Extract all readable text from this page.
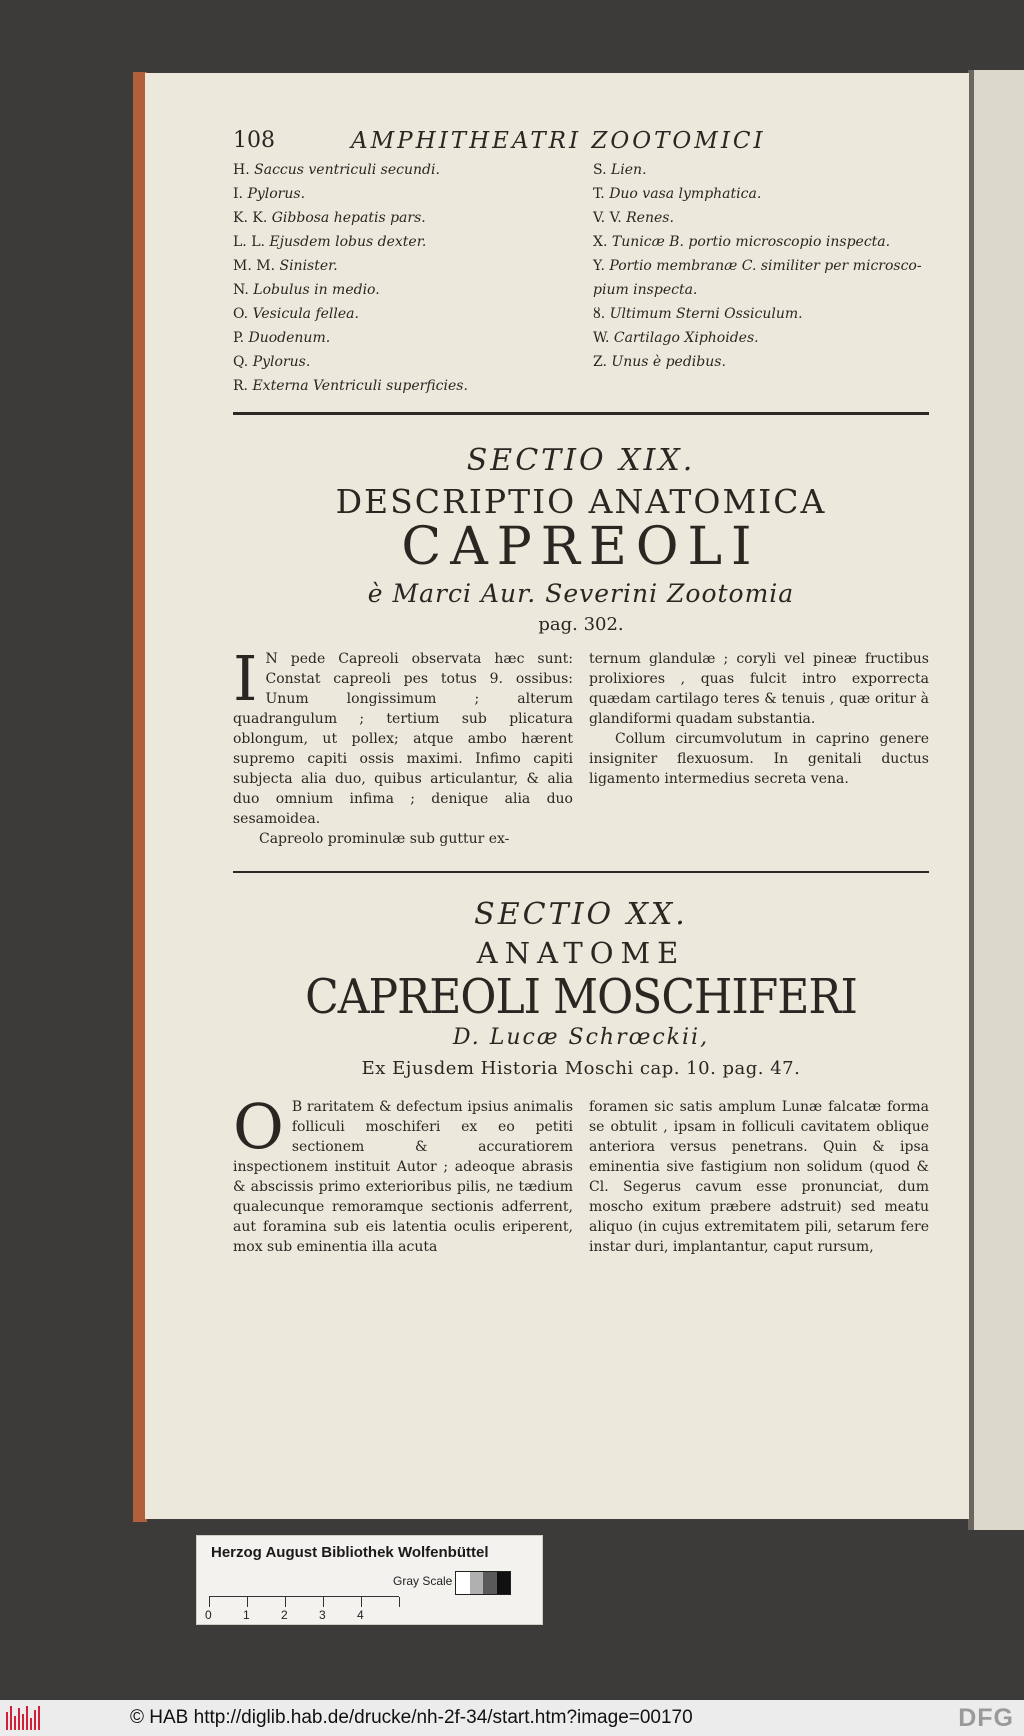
108	AMPHITHEATRI ZOOTOMICI
H. Saccus ventriculi secundi.
I. Pylorus.
K. K. Gibbosa hepatis pars.
L. L. Ejusdem lobus dexter.
M. M. Sinister.
N. Lobulus in medio.
O. Vesicula fellea.
P. Duodenum.
Q. Pylorus.
R. Externa Ventriculi superficies.
S. Lien.
T. Duo vasa lymphatica.
V. V. Renes.
X. Tunicæ B. portio microscopio inspecta.
Y. Portio membranæ C. similiter per microsco-
pium inspecta.
ȣ. Ultimum Sterni Ossiculum.
W. Cartilago Xiphoides.
Z. Unus è pedibus.
SECTIO XIX.
DESCRIPTIO ANATOMICA
CAPREOLI
è Marci Aur. Severini Zootomia
pag. 302.
I N pede Capreoli observata hæc sunt: Constat capreoli pes totus 9. ossibus: Unum longissimum ; alterum quadrangulum ; tertium sub plicatura oblongum, ut pollex; atque ambo hærent supremo capiti ossis maximi. Infimo capiti subjecta alia duo, quibus articulantur, & alia duo omnium infima ; denique alia duo sesamoidea.
Capreolo prominulæ sub guttur ex-
ternum glandulæ ; coryli vel pineæ fructibus prolixiores , quas fulcit intro exporrecta quædam cartilago teres & tenuis , quæ oritur à glandiformi quadam substantia.
Collum circumvolutum in caprino genere insigniter flexuosum. In genitali ductus ligamento intermedius secreta vena.
SECTIO XX.
ANATOME
CAPREOLI MOSCHIFERI
D. Lucæ Schrœckii,
Ex Ejusdem Historia Moschi cap. 10. pag. 47.
O B raritatem & defectum ipsius animalis folliculi moschiferi ex eo petiti sectionem & accuratiorem inspectionem instituit Autor ; adeoque abrasis & abscissis primo exterioribus pilis, ne tædium qualecunque remoramque sectionis adferrent, aut foramina sub eis latentia oculis eriperent, mox sub eminentia illa acuta
foramen sic satis amplum Lunæ falcatæ forma se obtulit , ipsam in folliculi cavitatem oblique anteriora versus penetrans. Quin & ipsa eminentia sive fastigium non solidum (quod & Cl. Segerus cavum esse pronunciat, dum moscho exitum præbere adstruit) sed meatu aliquo (in cujus extremitatem pili, setarum fere instar duri, implantantur, caput rursum,
Herzog August Bibliothek Wolfenbüttel
Gray Scale
0	1	2	3	4
© HAB http://diglib.hab.de/drucke/nh-2f-34/start.htm?image=00170	DFG
